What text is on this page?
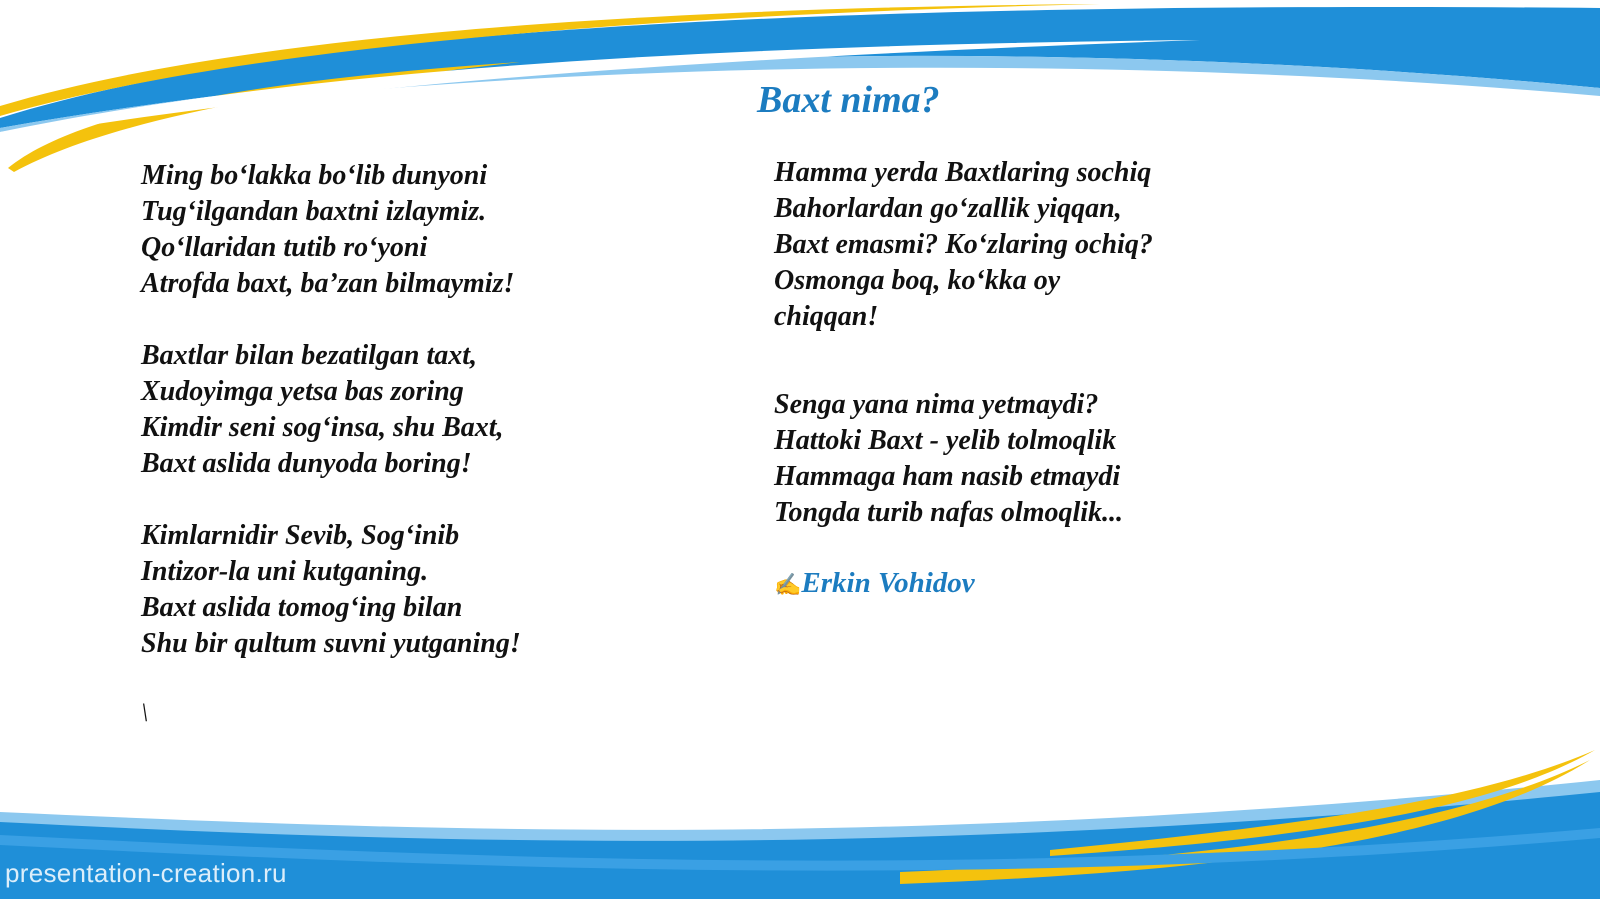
Baxt nima?

Ming bo‘lakka bo‘lib dunyoni
Tug‘ilgandan baxtni izlaymiz.
Qo‘llaridan tutib ro‘yoni
Atrofda baxt, ba’zan bilmaymiz!

Baxtlar bilan bezatilgan taxt,
Xudoyimga yetsa bas zoring
Kimdir seni sog‘insa, shu Baxt,
Baxt aslida dunyoda boring!

Kimlarnidir Sevib, Sog‘inib
Intizor-la uni kutganing.
Baxt aslida tomog‘ing bilan
Shu bir qultum suvni yutganing!

\

Hamma yerda Baxtlaring sochiq
Bahorlardan go‘zallik yiqqan,
Baxt emasmi? Ko‘zlaring ochiq?
Osmonga boq, ko‘kka oy
chiqqan!

Senga yana nima yetmaydi?
Hattoki Baxt - yelib tolmoqlik
Hammaga ham nasib etmaydi
Tongda turib nafas olmoqlik...

✍Erkin Vohidov
presentation-creation.ru
